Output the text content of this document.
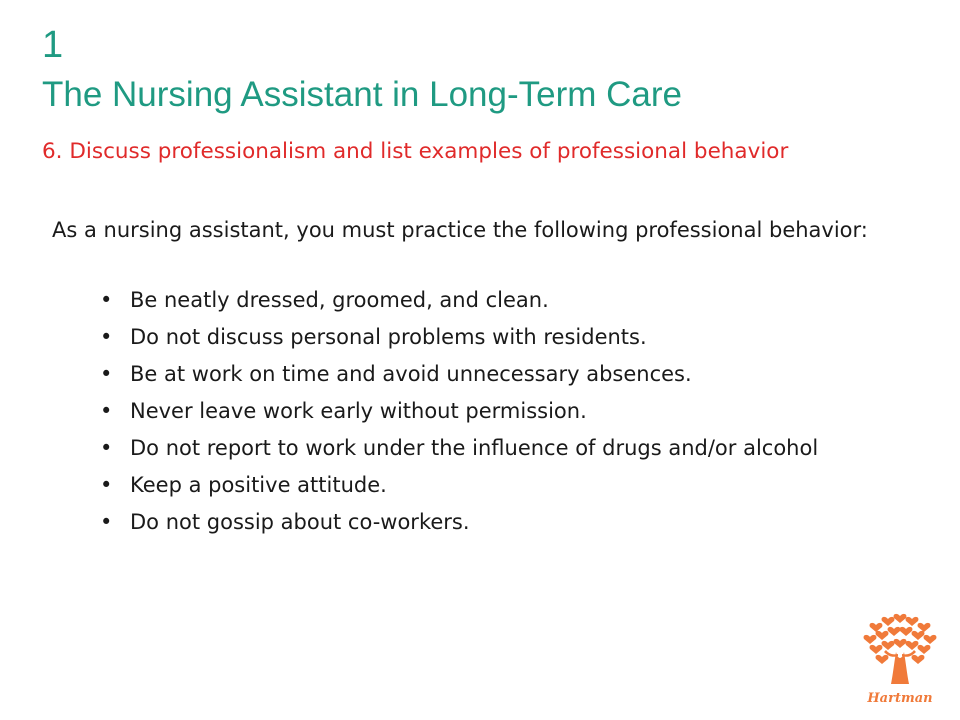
1
The Nursing Assistant in Long-Term Care
6. Discuss professionalism and list examples of professional behavior
As a nursing assistant, you must practice the following professional behavior:
• Be neatly dressed, groomed, and clean.
• Do not discuss personal problems with residents.
• Be at work on time and avoid unnecessary absences.
• Never leave work early without permission.
• Do not report to work under the influence of drugs and/or alcohol
• Keep a positive attitude.
• Do not gossip about co-workers.
Hartman
